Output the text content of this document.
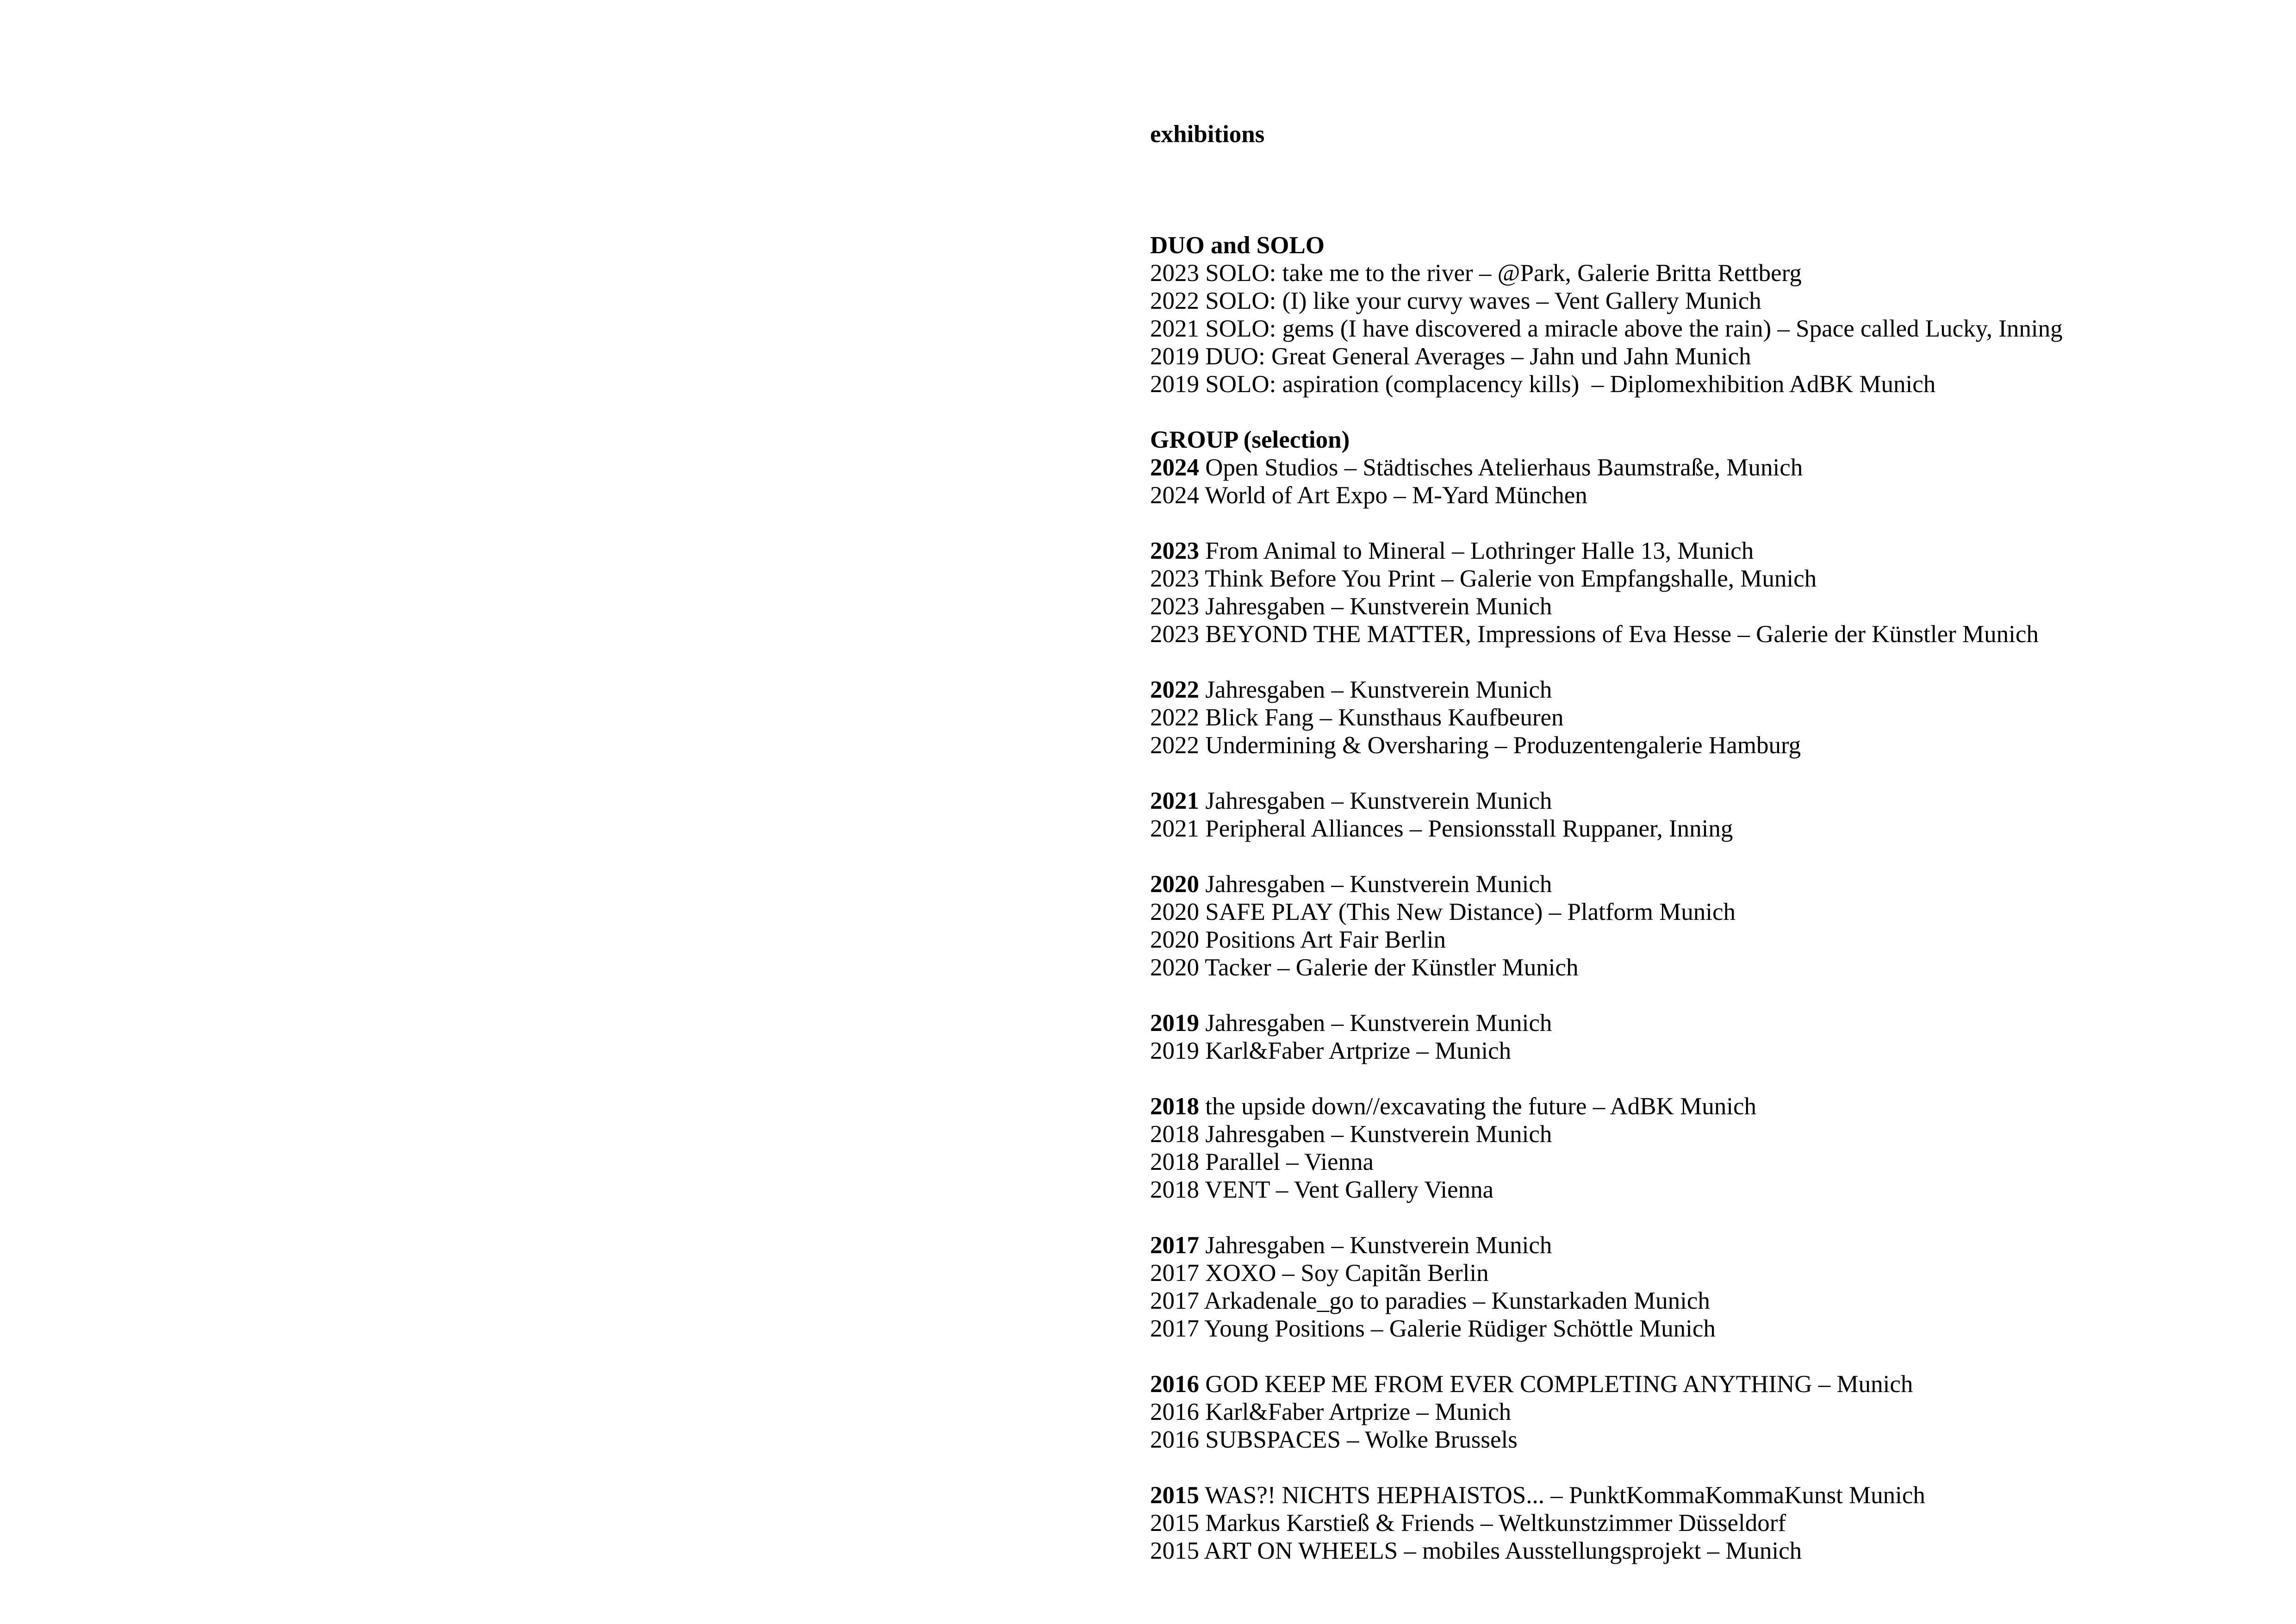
exhibitions

DUO and SOLO
2023 SOLO: take me to the river – @Park, Galerie Britta Rettberg
2022 SOLO: (I) like your curvy waves – Vent Gallery Munich
2021 SOLO: gems (I have discovered a miracle above the rain) – Space called Lucky, Inning
2019 DUO: Great General Averages – Jahn und Jahn Munich
2019 SOLO: aspiration (complacency kills)  – Diplomexhibition AdBK Munich
GROUP (selection)
2024 Open Studios – Städtisches Atelierhaus Baumstraße, Munich
2024 World of Art Expo – M-Yard München
2023 From Animal to Mineral – Lothringer Halle 13, Munich
2023 Think Before You Print – Galerie von Empfangshalle, Munich
2023 Jahresgaben – Kunstverein Munich
2023 BEYOND THE MATTER, Impressions of Eva Hesse – Galerie der Künstler Munich
2022 Jahresgaben – Kunstverein Munich
2022 Blick Fang – Kunsthaus Kaufbeuren
2022 Undermining & Oversharing – Produzentengalerie Hamburg
2021 Jahresgaben – Kunstverein Munich
2021 Peripheral Alliances – Pensionsstall Ruppaner, Inning
2020 Jahresgaben – Kunstverein Munich
2020 SAFE PLAY (This New Distance) – Platform Munich
2020 Positions Art Fair Berlin
2020 Tacker – Galerie der Künstler Munich
2019 Jahresgaben – Kunstverein Munich
2019 Karl&Faber Artprize – Munich
2018 the upside down//excavating the future – AdBK Munich
2018 Jahresgaben – Kunstverein Munich
2018 Parallel – Vienna
2018 VENT – Vent Gallery Vienna
2017 Jahresgaben – Kunstverein Munich
2017 XOXO – Soy Capitãn Berlin
2017 Arkadenale_go to paradies – Kunstarkaden Munich
2017 Young Positions – Galerie Rüdiger Schöttle Munich
2016 GOD KEEP ME FROM EVER COMPLETING ANYTHING – Munich
2016 Karl&Faber Artprize – Munich
2016 SUBSPACES – Wolke Brussels
2015 WAS?! NICHTS HEPHAISTOS... – PunktKommaKommaKunst Munich
2015 Markus Karstieß & Friends – Weltkunstzimmer Düsseldorf
2015 ART ON WHEELS – mobiles Ausstellungsprojekt – Munich
